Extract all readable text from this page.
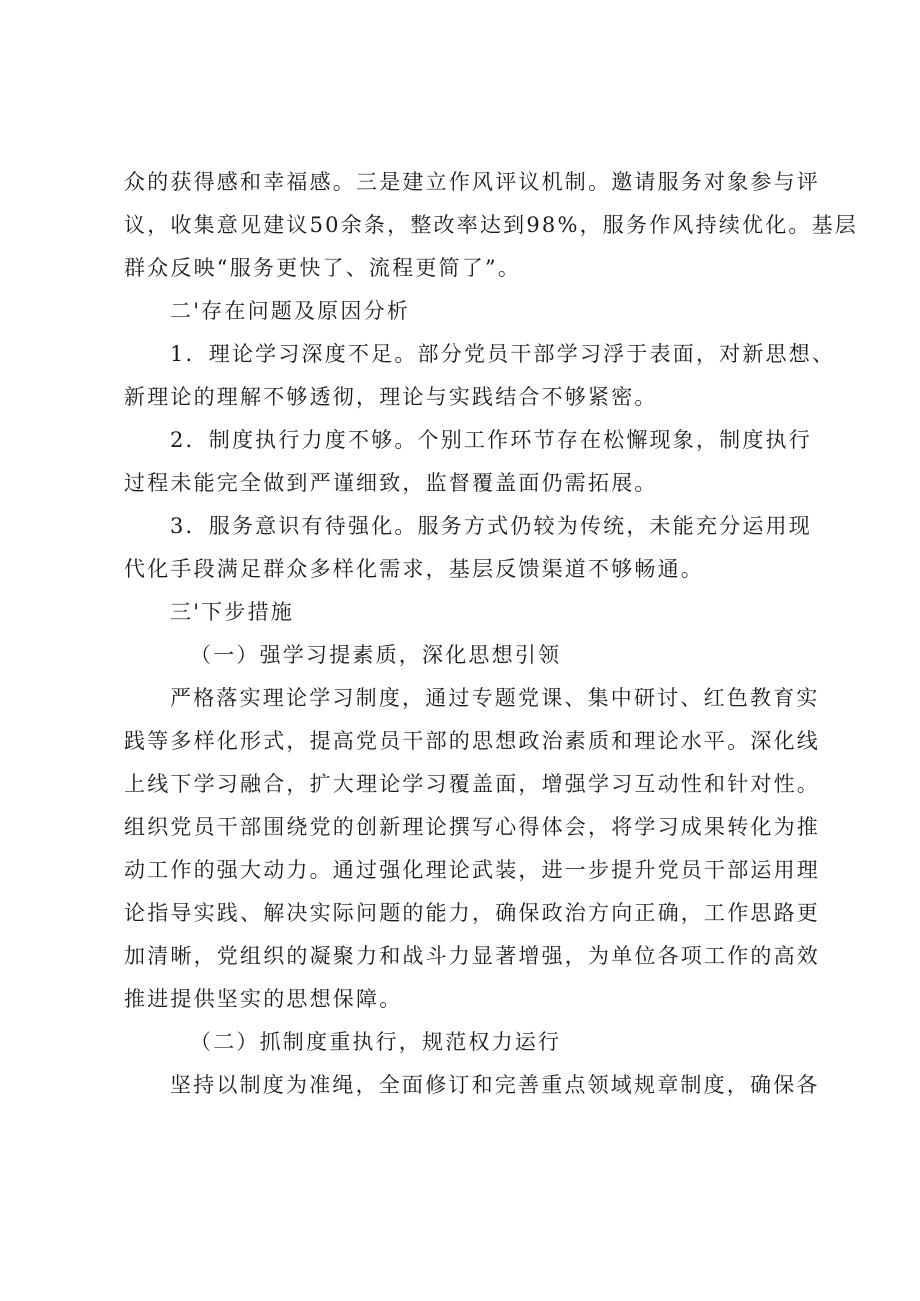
众的获得感和幸福感。三是建立作风评议机制。邀请服务对象参与评
议，收集意见建议50余条，整改率达到98%，服务作风持续优化。基层
群众反映“服务更快了、流程更简了”。
二'存在问题及原因分析
1．理论学习深度不足。部分党员干部学习浮于表面，对新思想、
新理论的理解不够透彻，理论与实践结合不够紧密。
2．制度执行力度不够。个别工作环节存在松懈现象，制度执行
过程未能完全做到严谨细致，监督覆盖面仍需拓展。
3．服务意识有待强化。服务方式仍较为传统，未能充分运用现
代化手段满足群众多样化需求，基层反馈渠道不够畅通。
三'下步措施
（一）强学习提素质，深化思想引领
严格落实理论学习制度，通过专题党课、集中研讨、红色教育实
践等多样化形式，提高党员干部的思想政治素质和理论水平。深化线
上线下学习融合，扩大理论学习覆盖面，增强学习互动性和针对性。
组织党员干部围绕党的创新理论撰写心得体会，将学习成果转化为推
动工作的强大动力。通过强化理论武装，进一步提升党员干部运用理
论指导实践、解决实际问题的能力，确保政治方向正确，工作思路更
加清晰，党组织的凝聚力和战斗力显著增强，为单位各项工作的高效
推进提供坚实的思想保障。
（二）抓制度重执行，规范权力运行
坚持以制度为准绳，全面修订和完善重点领域规章制度，确保各
